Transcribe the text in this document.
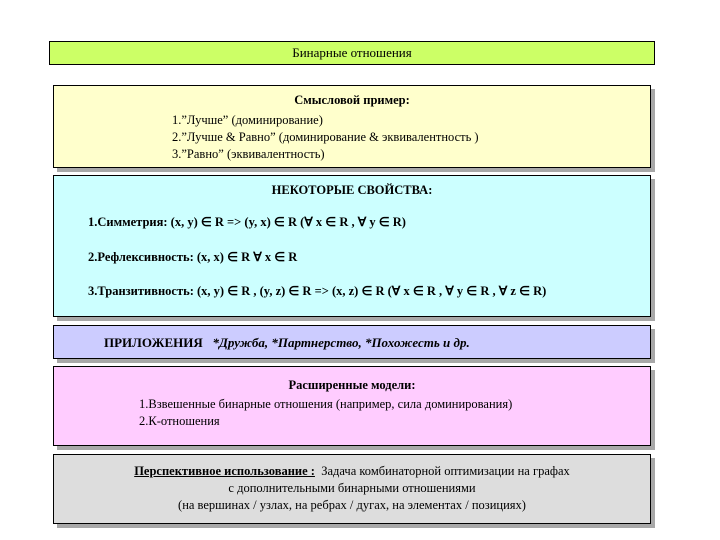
Бинарные отношения
Смысловой пример:
1.”Лучше” (доминирование)
2.”Лучше & Равно” (доминирование & эквивалентность )
3.”Равно” (эквивалентность)
НЕКОТОРЫЕ СВОЙСТВА:
1.Симметрия: (x, y) ∈ R => (y, x) ∈ R (∀ x ∈ R , ∀ y ∈ R)
2.Рефлексивность: (x, x) ∈ R ∀ x ∈ R
3.Транзитивность: (x, y) ∈ R , (y, z) ∈ R => (x, z) ∈ R (∀ x ∈ R , ∀ y ∈ R , ∀ z ∈ R)
ПРИЛОЖЕНИЯ *Дружба, *Партнерство, *Похожесть и др.
Расширенные модели:
1.Взвешенные бинарные отношения (например, сила доминирования)
2.К-отношения
Перспективное использование : Задача комбинаторной оптимизации на графах
с дополнительными бинарными отношениями
(на вершинах / узлах, на ребрах / дугах, на элементах / позициях)
